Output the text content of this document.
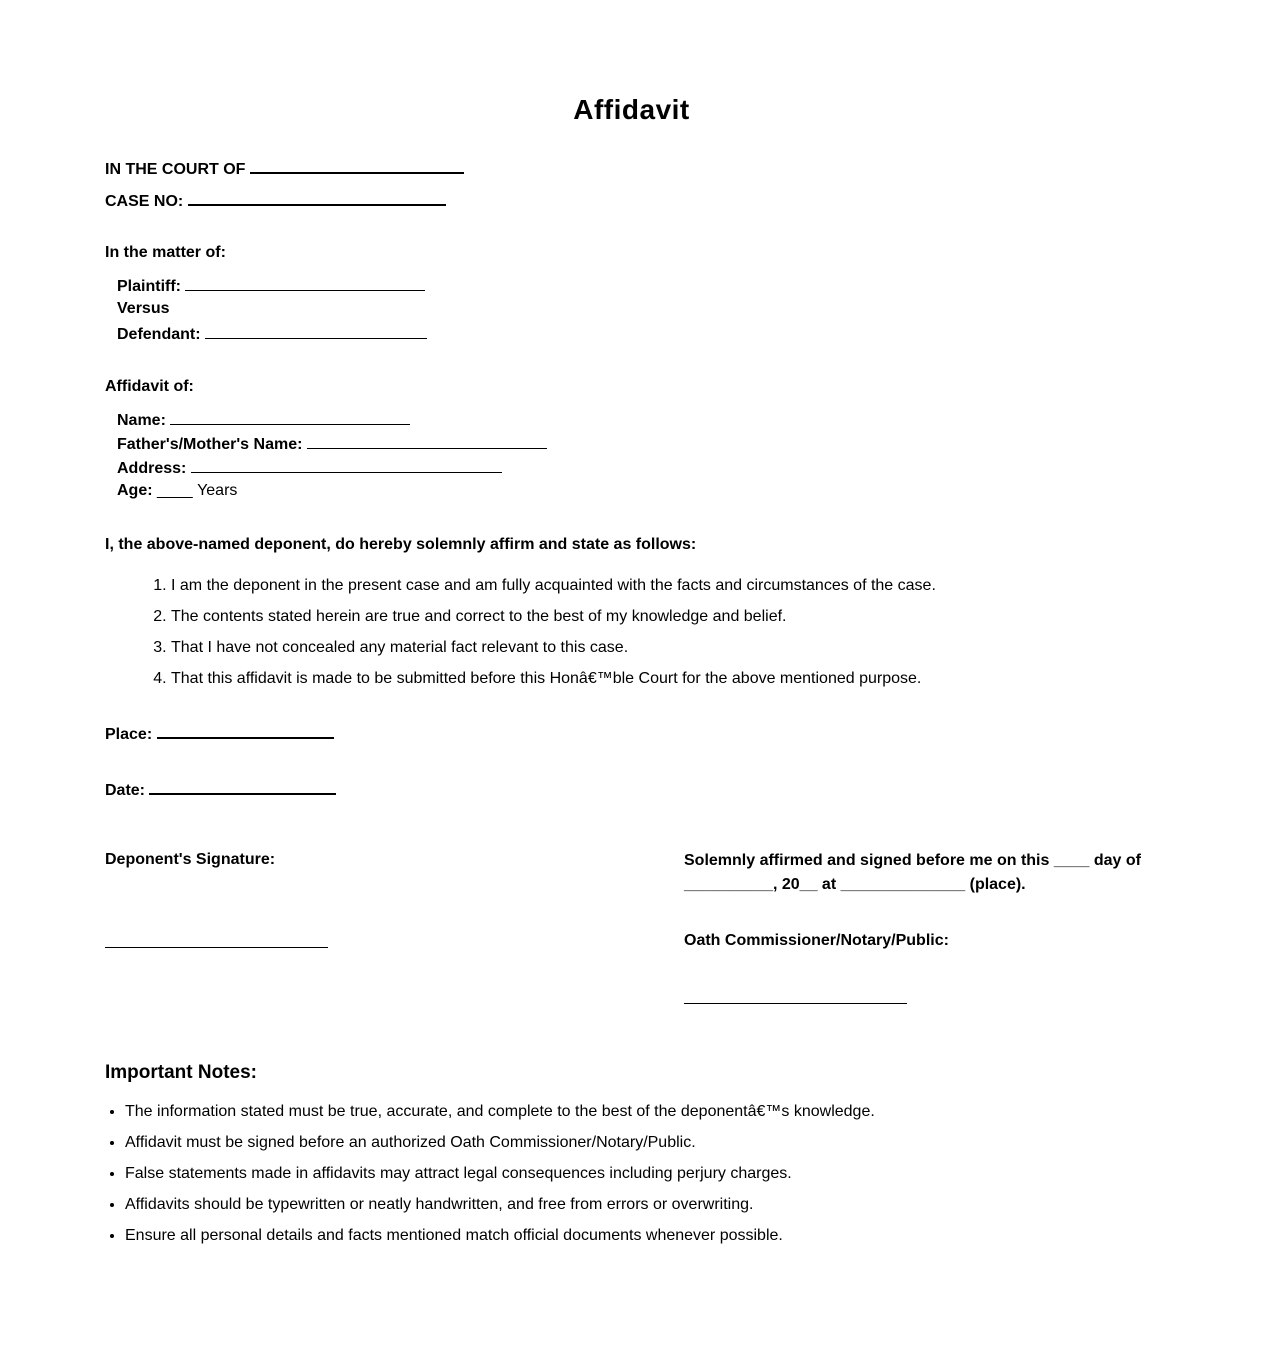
Affidavit
IN THE COURT OF
CASE NO:
In the matter of:
Plaintiff:
Versus
Defendant:
Affidavit of:
Name:
Father's/Mother's Name:
Address:
Age: ____ Years
I, the above-named deponent, do hereby solemnly affirm and state as follows:
1. I am the deponent in the present case and am fully acquainted with the facts and circumstances of the case.
2. The contents stated herein are true and correct to the best of my knowledge and belief.
3. That I have not concealed any material fact relevant to this case.
4. That this affidavit is made to be submitted before this Honâ€™ble Court for the above mentioned purpose.
Place:
Date:
Deponent's Signature:	Solemnly affirmed and signed before me on this ____ day of
__________, 20__ at ______________ (place).
Oath Commissioner/Notary/Public:
Important Notes:
• The information stated must be true, accurate, and complete to the best of the deponentâ€™s knowledge.
• Affidavit must be signed before an authorized Oath Commissioner/Notary/Public.
• False statements made in affidavits may attract legal consequences including perjury charges.
• Affidavits should be typewritten or neatly handwritten, and free from errors or overwriting.
• Ensure all personal details and facts mentioned match official documents whenever possible.
